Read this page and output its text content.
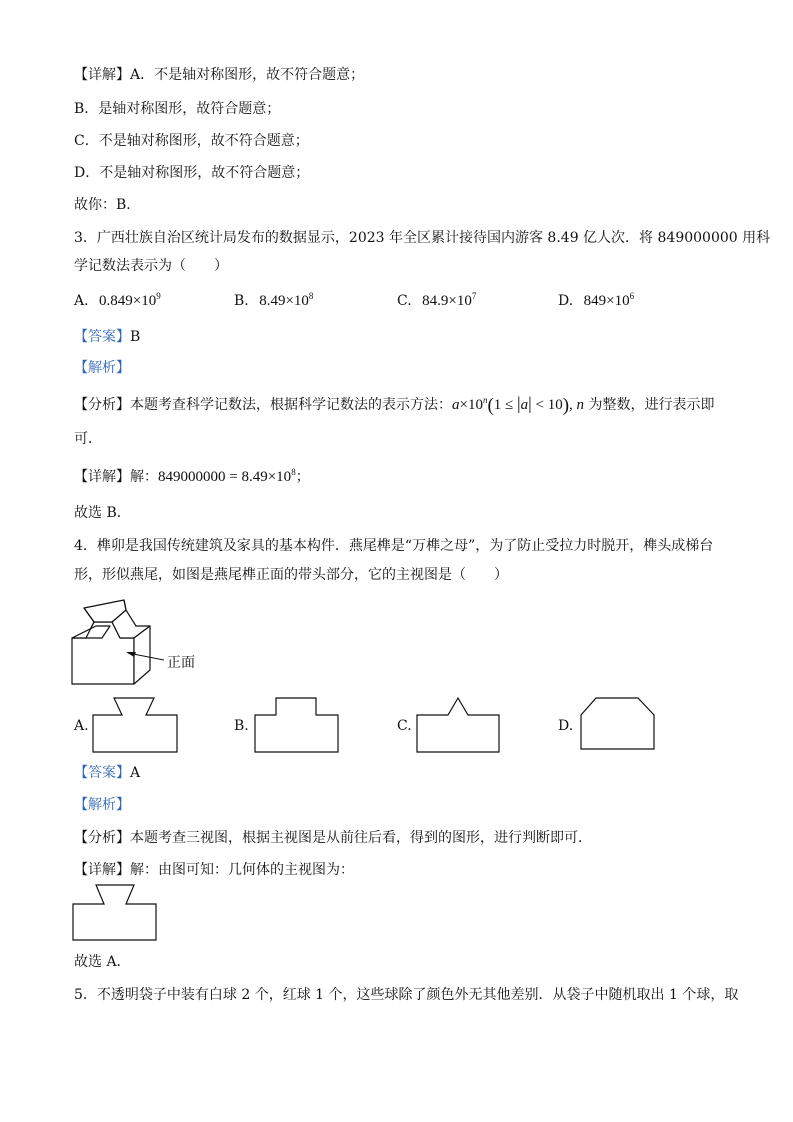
【详解】A．不是轴对称图形，故不符合题意；
B．是轴对称图形，故符合题意；
C．不是轴对称图形，故不符合题意；
D．不是轴对称图形，故不符合题意；
故你：B．
3．广西壮族自治区统计局发布的数据显示，2023 年全区累计接待国内游客 8.49 亿人次．将 849000000 用科
学记数法表示为（　　）
A. $0.849\times 10^9$	B. $8.49\times 10^8$	C. $84.9\times 10^7$	D. $849\times 10^6$
【答案】B
【解析】
【分析】本题考查科学记数法，根据科学记数法的表示方法：$a\times 10^n(1 \le |a| < 10)$, n 为整数，进行表示即
可．
【详解】解：$849000000 = 8.49\times 10^8$；
故选 B．
4．榫卯是我国传统建筑及家具的基本构件．燕尾榫是“万榫之母”，为了防止受拉力时脱开，榫头成梯台
形，形似燕尾，如图是燕尾榫正面的带头部分，它的主视图是（　　）
正面
A.	B.	C.	D.
【答案】A
【解析】
【分析】本题考查三视图，根据主视图是从前往后看，得到的图形，进行判断即可．
【详解】解：由图可知：几何体的主视图为：
故选 A．
5．不透明袋子中装有白球 2 个，红球 1 个，这些球除了颜色外无其他差别．从袋子中随机取出 1 个球，取
